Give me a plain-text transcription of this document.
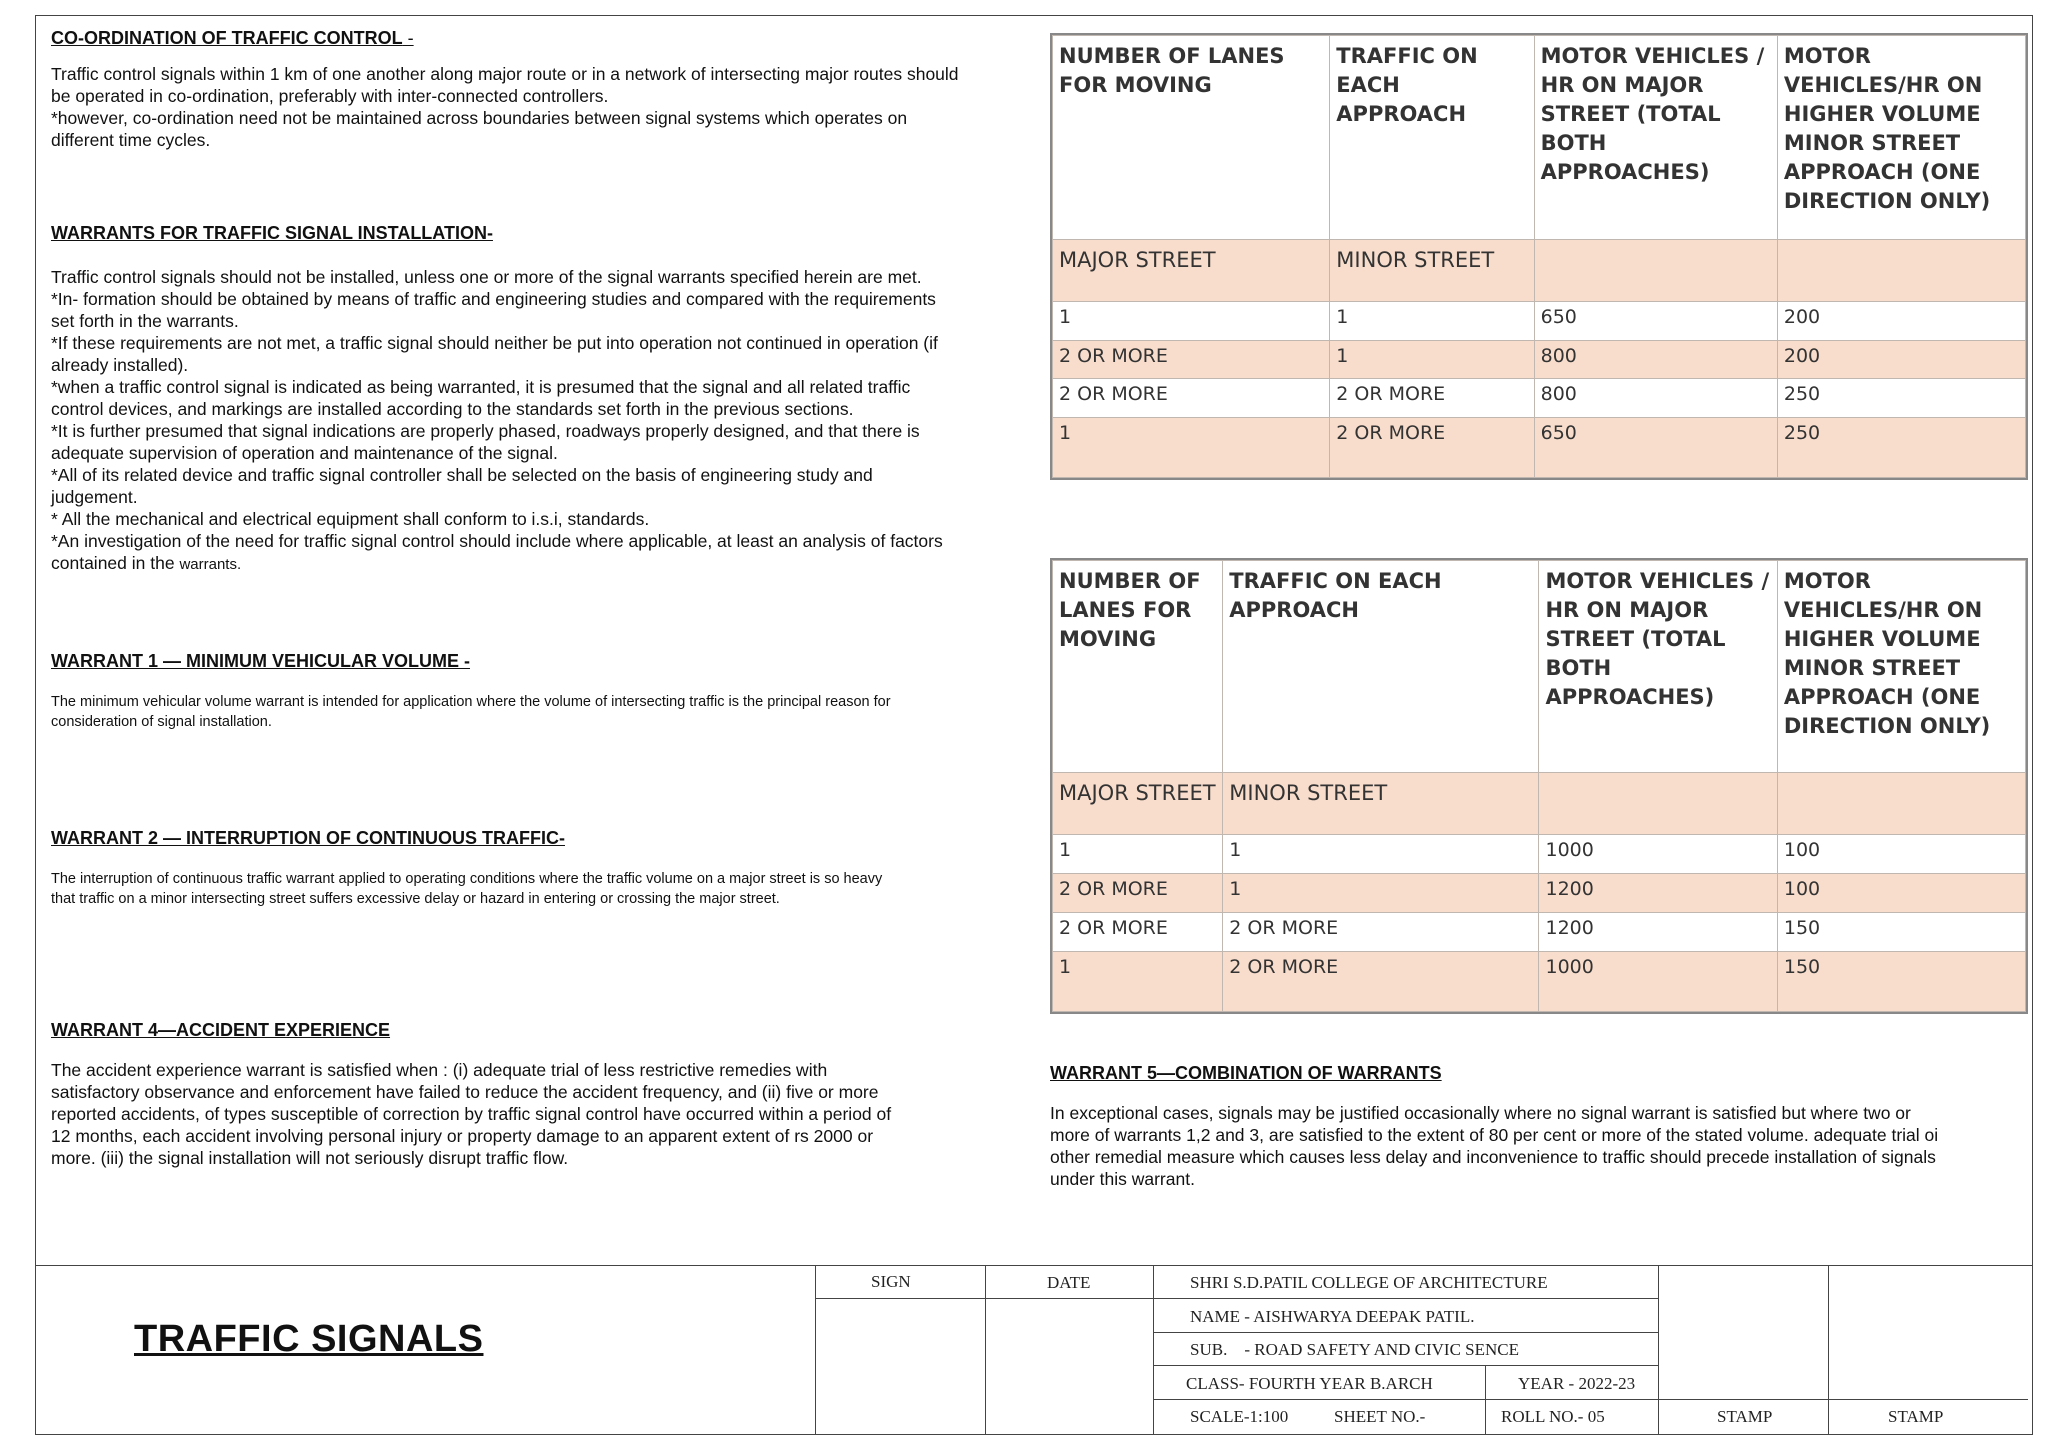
CO-ORDINATION OF TRAFFIC CONTROL -

Traffic control signals within 1 km of one another along major route or in a network of intersecting major routes should

be operated in co-ordination, preferably with inter-connected controllers.

*however, co-ordination need not be maintained across boundaries between signal systems which operates on

different time cycles.

WARRANTS FOR TRAFFIC SIGNAL INSTALLATION-

Traffic control signals should not be installed, unless one or more of the signal warrants specified herein are met.

*In- formation should be obtained by means of traffic and engineering studies and compared with the requirements

set forth in the warrants.

*If these requirements are not met, a traffic signal should neither be put into operation not continued in operation (if

already installed).

*when a traffic control signal is indicated as being warranted, it is presumed that the signal and all related traffic

control devices, and markings are installed according to the standards set forth in the previous sections.

*It is further presumed that signal indications are properly phased, roadways properly designed, and that there is

adequate supervision of operation and maintenance of the signal.

*All of its related device and traffic signal controller shall be selected on the basis of engineering study and

judgement.

* All the mechanical and electrical equipment shall conform to i.s.i, standards.

*An investigation of the need for traffic signal control should include where applicable, at least an analysis of factors

contained in the warrants.

WARRANT 1 — MINIMUM VEHICULAR VOLUME -

The minimum vehicular volume warrant is intended for application where the volume of intersecting traffic is the principal reason for

consideration of signal installation.

WARRANT 2 — INTERRUPTION OF CONTINUOUS TRAFFIC-

The interruption of continuous traffic warrant applied to operating conditions where the traffic volume on a major street is so heavy

that traffic on a minor intersecting street suffers excessive delay or hazard in entering or crossing the major street.

WARRANT 4—ACCIDENT EXPERIENCE

The accident experience warrant is satisfied when : (i) adequate trial of less restrictive remedies with

satisfactory observance and enforcement have failed to reduce the accident frequency, and (ii) five or more

reported accidents, of types susceptible of correction by traffic signal control have occurred within a period of

12 months, each accident involving personal injury or property damage to an apparent extent of rs 2000 or

more. (iii) the signal installation will not seriously disrupt traffic flow.

WARRANT 5—COMBINATION OF WARRANTS

In exceptional cases, signals may be justified occasionally where no signal warrant is satisfied but where two or

more of warrants 1,2 and 3, are satisfied to the extent of 80 per cent or more of the stated volume. adequate trial oi

other remedial measure which causes less delay and inconvenience to traffic should precede installation of signals

under this warrant.

NUMBER OF LANES FOR MOVING	TRAFFIC ON EACH APPROACH	MOTOR VEHICLES / HR ON MAJOR STREET (TOTAL BOTH APPROACHES)	MOTOR VEHICLES/HR ON HIGHER VOLUME MINOR STREET APPROACH (ONE DIRECTION ONLY)
MAJOR STREET	MINOR STREET		
1	1	650	200
2 OR MORE	1	800	200
2 OR MORE	2 OR MORE	800	250
1	2 OR MORE	650	250
NUMBER OF LANES FOR MOVING	TRAFFIC ON EACH APPROACH	MOTOR VEHICLES / HR ON MAJOR STREET (TOTAL BOTH APPROACHES)	MOTOR VEHICLES/HR ON HIGHER VOLUME MINOR STREET APPROACH (ONE DIRECTION ONLY)
MAJOR STREET	MINOR STREET		
1	1	1000	100
2 OR MORE	1	1200	100
2 OR MORE	2 OR MORE	1200	150
1	2 OR MORE	1000	150
TRAFFIC SIGNALS
SIGN	DATE	SHRI S.D.PATIL COLLEGE OF ARCHITECTURE
NAME - AISHWARYA DEEPAK PATIL.
SUB.    - ROAD SAFETY AND CIVIC SENCE
CLASS- FOURTH YEAR B.ARCH	YEAR - 2022-23
SCALE-1:100	SHEET NO.-	ROLL NO.- 05	STAMP	STAMP
